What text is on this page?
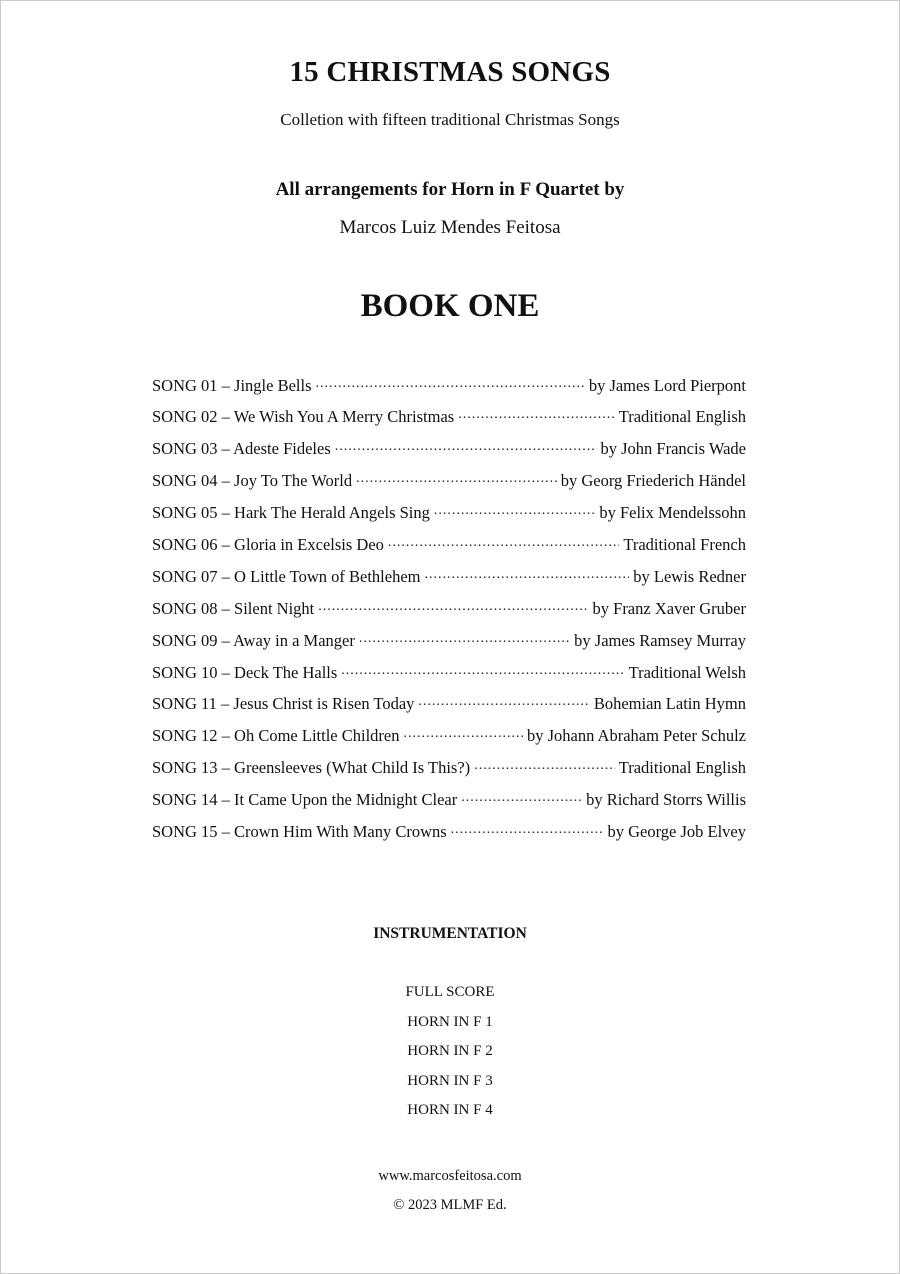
15 CHRISTMAS SONGS
Colletion with fifteen traditional Christmas Songs
All arrangements for Horn in F Quartet by
Marcos Luiz Mendes Feitosa
BOOK ONE
SONG 01 – Jingle Bells .....	by James Lord Pierpont
SONG 02 – We Wish You A Merry Christmas .....	Traditional English
SONG 03 – Adeste Fideles .....	by John Francis Wade
SONG 04 – Joy To The World .....	by Georg Friederich Händel
SONG 05 – Hark The Herald Angels Sing .....	by Felix Mendelssohn
SONG 06 – Gloria in Excelsis Deo .....	Traditional French
SONG 07 – O Little Town of Bethlehem .....	by Lewis Redner
SONG 08 – Silent Night .....	by Franz Xaver Gruber
SONG 09 – Away in a Manger .....	by James Ramsey Murray
SONG 10 – Deck The Halls .....	Traditional Welsh
SONG 11 – Jesus Christ is Risen Today .....	Bohemian Latin Hymn
SONG 12 – Oh Come Little Children .....	by Johann Abraham Peter Schulz
SONG 13 – Greensleeves (What Child Is This?) .....	Traditional English
SONG 14 – It Came Upon the Midnight Clear .....	by Richard Storrs Willis
SONG 15 – Crown Him With Many Crowns .....	by George Job Elvey
INSTRUMENTATION
FULL SCORE
HORN IN F 1
HORN IN F 2
HORN IN F 3
HORN IN F 4
www.marcosfeitosa.com
© 2023 MLMF Ed.
